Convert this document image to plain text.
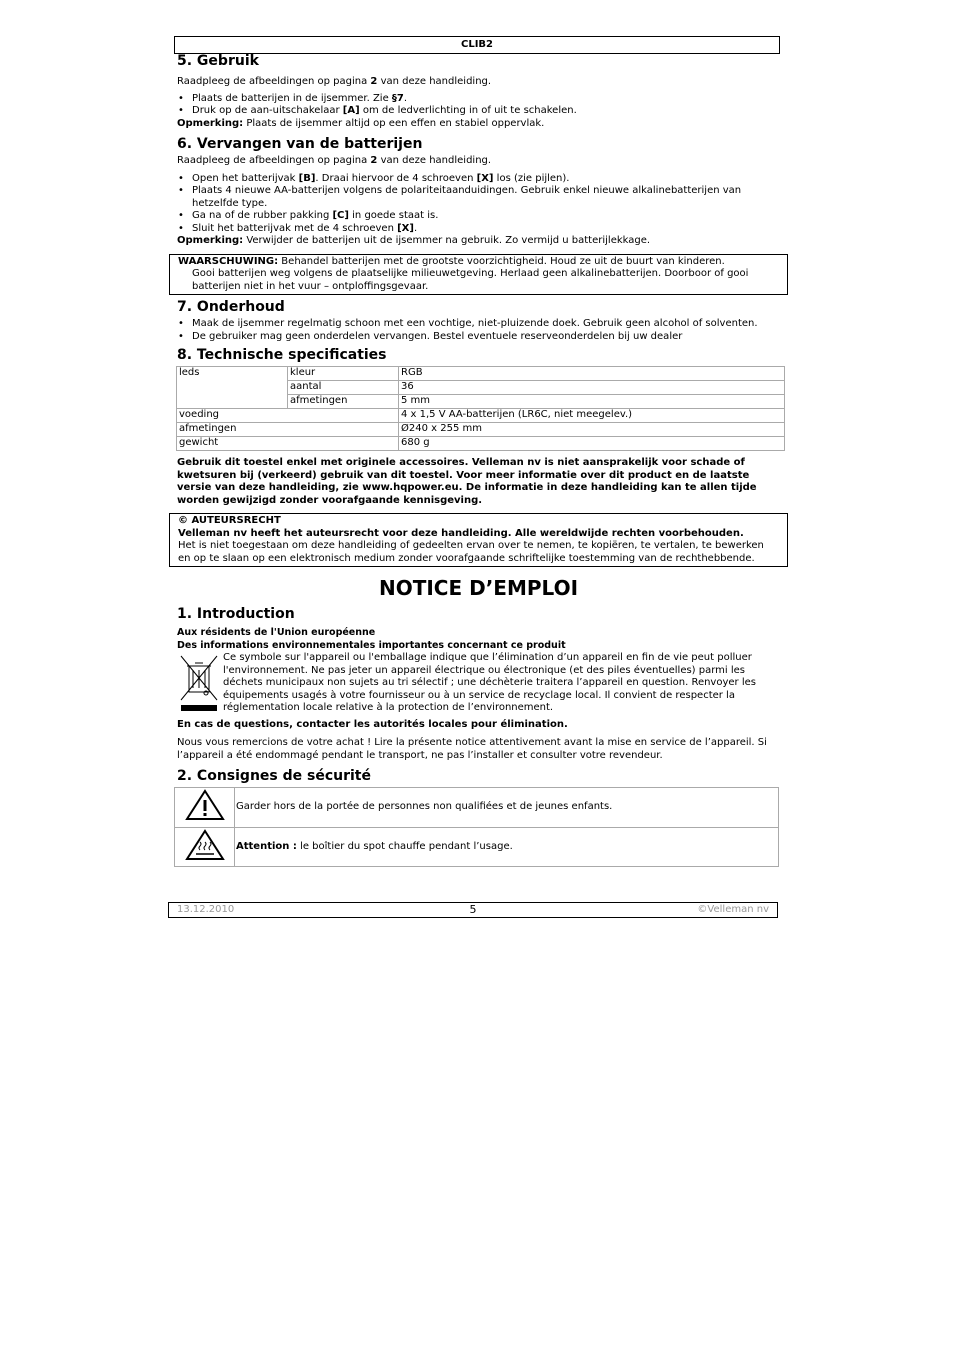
CLIB2
5. Gebruik

Raadpleeg de afbeeldingen op pagina 2 van deze handleiding.

• Plaats de batterijen in de ijsemmer. Zie §7.
• Druk op de aan-uitschakelaar [A] om de ledverlichting in of uit te schakelen.

Opmerking: Plaats de ijsemmer altijd op een effen en stabiel oppervlak.

6. Vervangen van de batterijen

Raadpleeg de afbeeldingen op pagina 2 van deze handleiding.

• Open het batterijvak [B]. Draai hiervoor de 4 schroeven [X] los (zie pijlen).
• Plaats 4 nieuwe AA-batterijen volgens de polariteitaanduidingen. Gebruik enkel nieuwe alkalinebatterijen van hetzelfde type.
• Ga na of de rubber pakking [C] in goede staat is.
• Sluit het batterijvak met de 4 schroeven [X].

Opmerking: Verwijder de batterijen uit de ijsemmer na gebruik. Zo vermijd u batterijlekkage.

WAARSCHUWING: Behandel batterijen met de grootste voorzichtigheid. Houd ze uit de buurt van kinderen.

Gooi batterijen weg volgens de plaatselijke milieuwetgeving. Herlaad geen alkalinebatterijen. Doorboor of gooi batterijen niet in het vuur – ontploffingsgevaar.

7. Onderhoud
• Maak de ijsemmer regelmatig schoon met een vochtige, niet-pluizende doek. Gebruik geen alcohol of solventen.
• De gebruiker mag geen onderdelen vervangen. Bestel eventuele reserveonderdelen bij uw dealer
8. Technische specificaties
leds	kleur	RGB
	aantal	36
	afmetingen	5 mm
voeding		4 x 1,5 V AA-batterijen (LR6C, niet meegelev.)
afmetingen		Ø240 x 255 mm
gewicht		680 g

Gebruik dit toestel enkel met originele accessoires. Velleman nv is niet aansprakelijk voor schade of kwetsuren bij (verkeerd) gebruik van dit toestel. Voor meer informatie over dit product en de laatste versie van deze handleiding, zie www.hqpower.eu. De informatie in deze handleiding kan te allen tijde worden gewijzigd zonder voorafgaande kennisgeving.

© AUTEURSRECHT

Velleman nv heeft het auteursrecht voor deze handleiding. Alle wereldwijde rechten voorbehouden.

Het is niet toegestaan om deze handleiding of gedeelten ervan over te nemen, te kopiëren, te vertalen, te bewerken en op te slaan op een elektronisch medium zonder voorafgaande schriftelijke toestemming van de rechthebbende.

NOTICE D’EMPLOI
1. Introduction

Aux résidents de l'Union européenne

Des informations environnementales importantes concernant ce produit

Ce symbole sur l'appareil ou l'emballage indique que l’élimination d’un appareil en fin de vie peut polluer l'environnement. Ne pas jeter un appareil électrique ou électronique (et des piles éventuelles) parmi les déchets municipaux non sujets au tri sélectif ; une déchèterie traitera l’appareil en question. Renvoyer les équipements usagés à votre fournisseur ou à un service de recyclage local. Il convient de respecter la réglementation locale relative à la protection de l’environnement.

En cas de questions, contacter les autorités locales pour élimination.

Nous vous remercions de votre achat ! Lire la présente notice attentivement avant la mise en service de l’appareil. Si l’appareil a été endommagé pendant le transport, ne pas l’installer et consulter votre revendeur.

2. Consignes de sécurité
	Garder hors de la portée de personnes non qualifiées et de jeunes enfants.
	Attention : le boîtier du spot chauffe pendant l’usage.
13.12.2010	5	©Velleman nv
